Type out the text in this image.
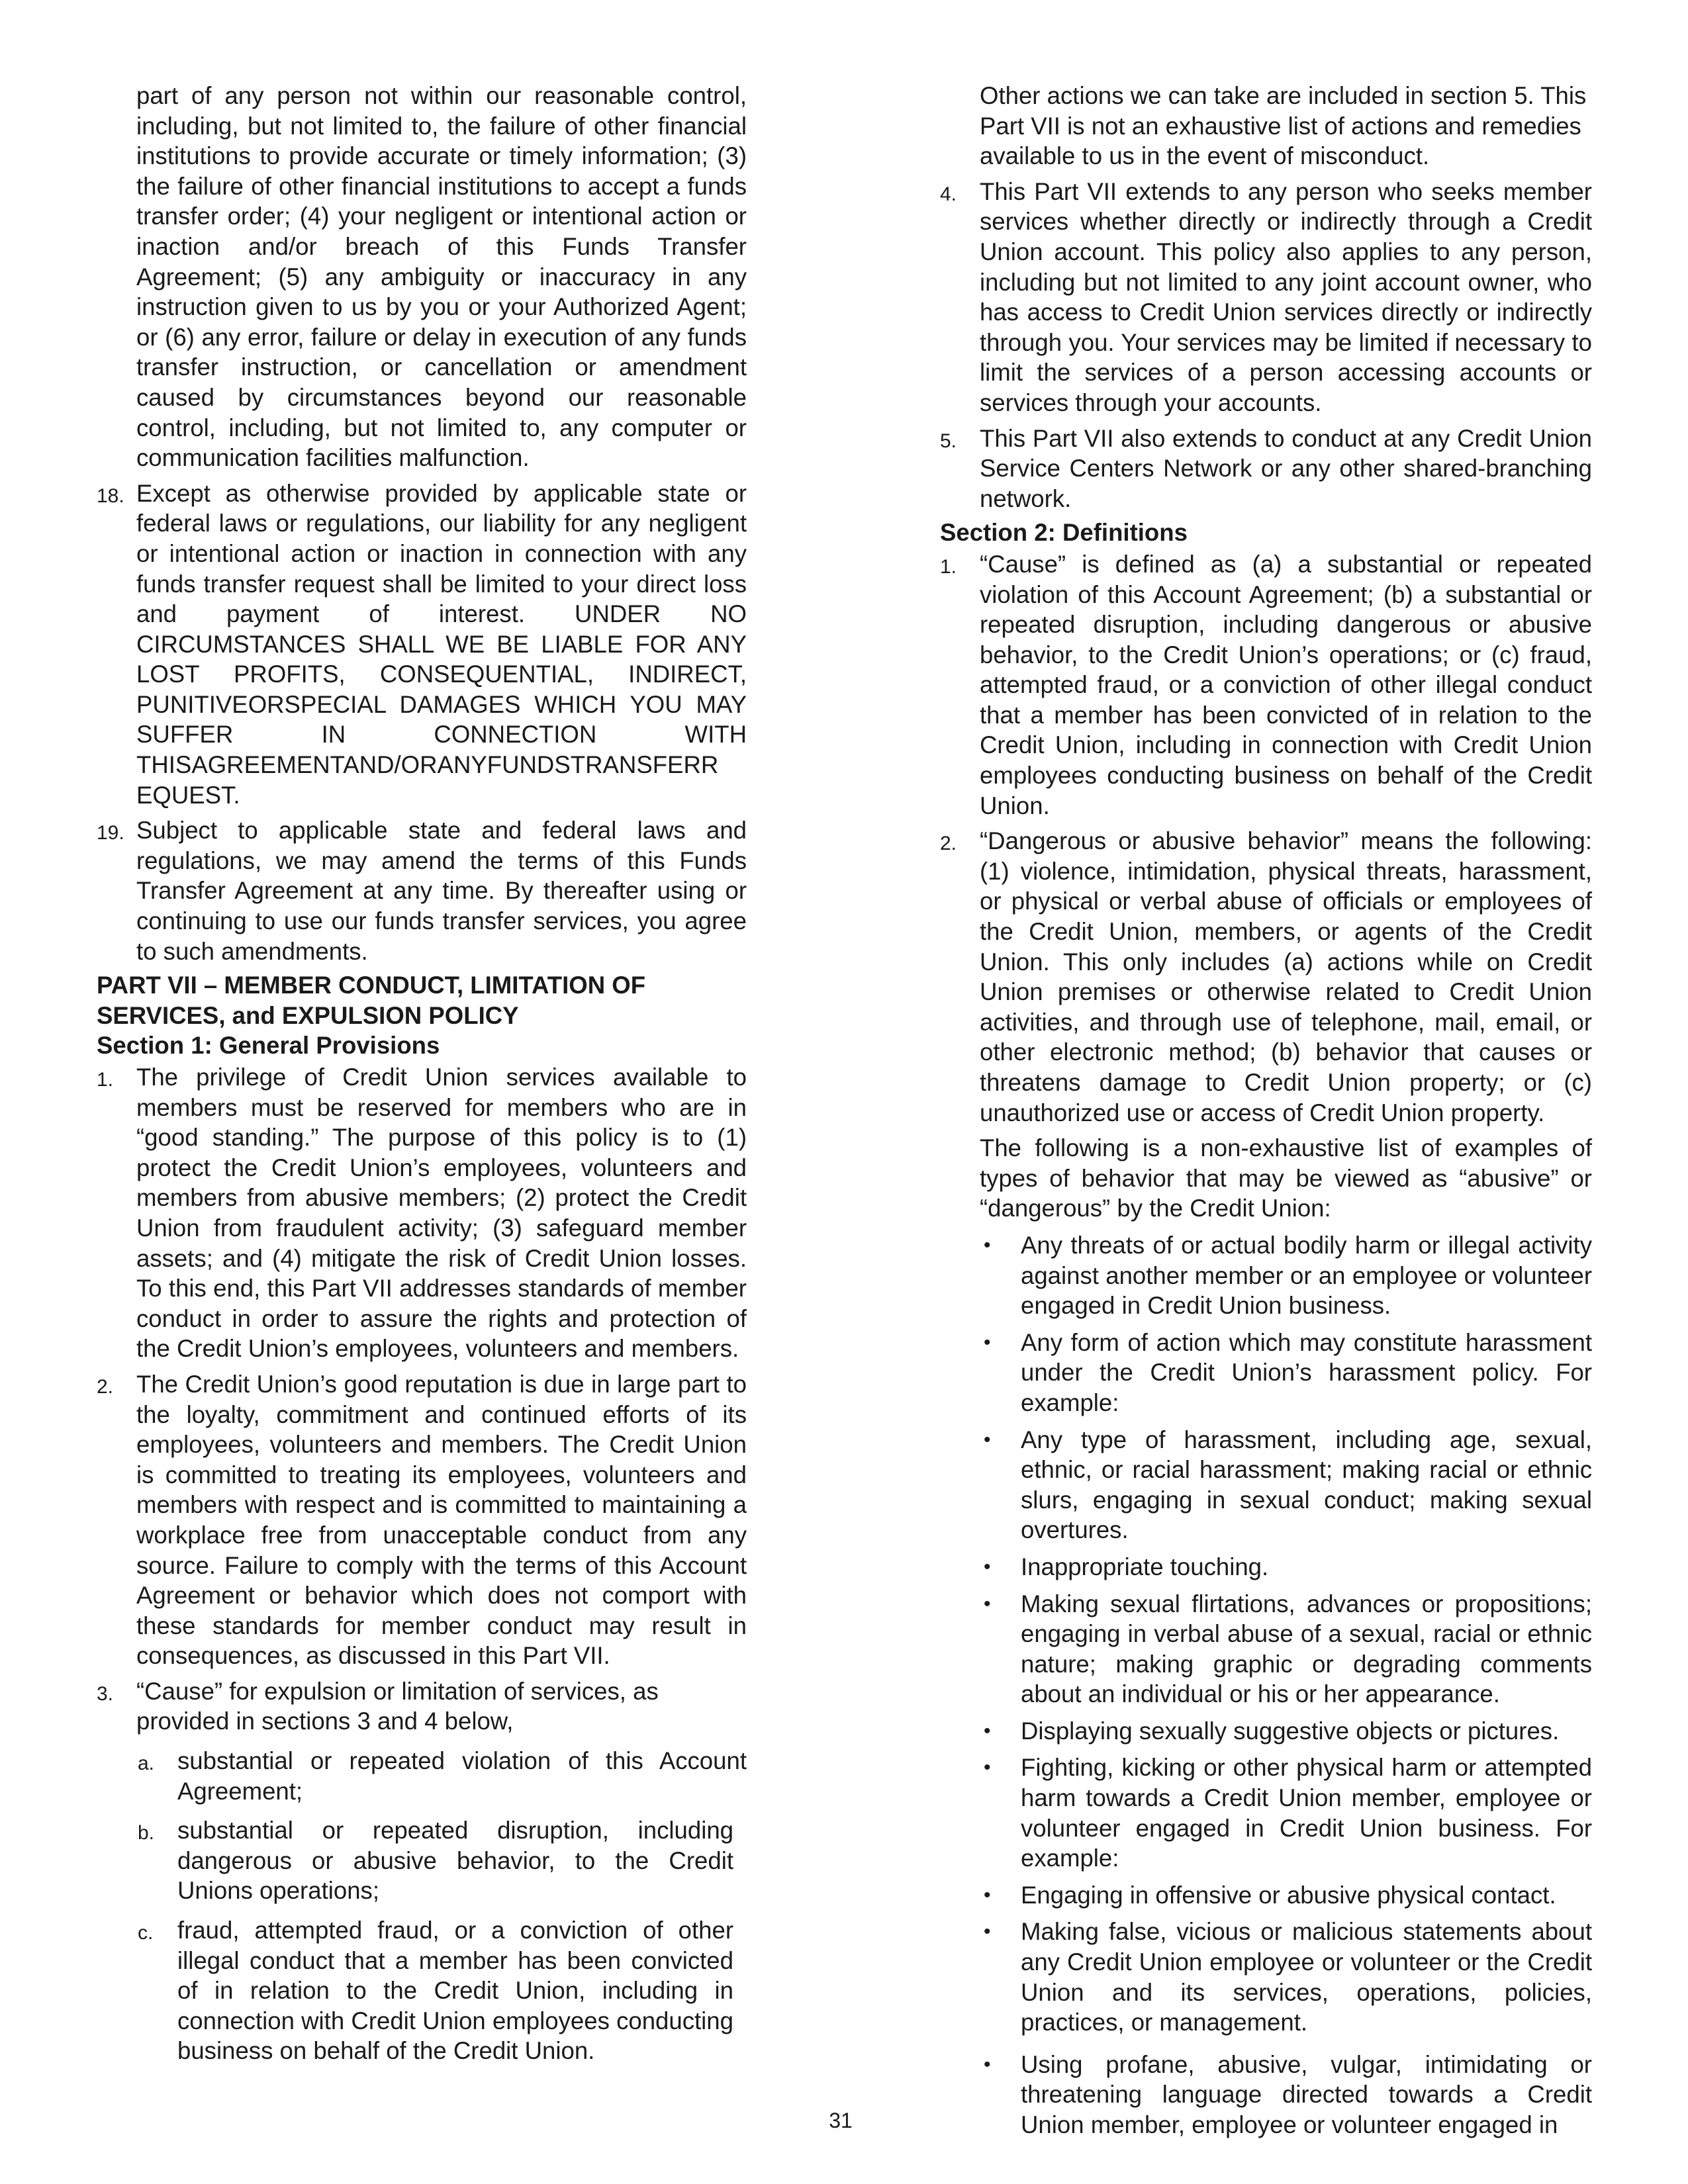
part of any person not within our reasonable control, including, but not limited to, the failure of other financial institutions to provide accurate or timely information; (3) the failure of other financial institutions to accept a funds transfer order; (4) your negligent or intentional action or inaction and/or breach of this Funds Transfer Agreement; (5) any ambiguity or inaccuracy in any instruction given to us by you or your Authorized Agent; or (6) any error, failure or delay in execution of any funds transfer instruction, or cancellation or amendment caused by circumstances beyond our reasonable control, including, but not limited to, any computer or communication facilities malfunction.

18. Except as otherwise provided by applicable state or federal laws or regulations, our liability for any negligent or intentional action or inaction in connection with any funds transfer request shall be limited to your direct loss and payment of interest. UNDER NO CIRCUMSTANCES SHALL WE BE LIABLE FOR ANY LOST PROFITS, CONSEQUENTIAL, INDIRECT, PUNITIVEORSPECIAL DAMAGES WHICH YOU MAY SUFFER IN CONNECTION WITH THISAGREEMENTAND/ORANYFUNDSTRANSFERR EQUEST.

19. Subject to applicable state and federal laws and regulations, we may amend the terms of this Funds Transfer Agreement at any time. By thereafter using or continuing to use our funds transfer services, you agree to such amendments.

PART VII – MEMBER CONDUCT, LIMITATION OF SERVICES, and EXPULSION POLICY

Section 1: General Provisions

1. The privilege of Credit Union services available to members must be reserved for members who are in “good standing.” The purpose of this policy is to (1) protect the Credit Union’s employees, volunteers and members from abusive members; (2) protect the Credit Union from fraudulent activity; (3) safeguard member assets; and (4) mitigate the risk of Credit Union losses. To this end, this Part VII addresses standards of member conduct in order to assure the rights and protection of the Credit Union’s employees, volunteers and members.

2. The Credit Union’s good reputation is due in large part to the loyalty, commitment and continued efforts of its employees, volunteers and members. The Credit Union is committed to treating its employees, volunteers and members with respect and is committed to maintaining a workplace free from unacceptable conduct from any source. Failure to comply with the terms of this Account Agreement or behavior which does not comport with these standards for member conduct may result in consequences, as discussed in this Part VII.

3. “Cause” for expulsion or limitation of services, as provided in sections 3 and 4 below,

a. substantial or repeated violation of this Account Agreement;

b. substantial or repeated disruption, including dangerous or abusive behavior, to the Credit Unions operations;

c. fraud, attempted fraud, or a conviction of other illegal conduct that a member has been convicted of in relation to the Credit Union, including in connection with Credit Union employees conducting business on behalf of the Credit Union.

Other actions we can take are included in section 5. This Part VII is not an exhaustive list of actions and remedies available to us in the event of misconduct.

4. This Part VII extends to any person who seeks member services whether directly or indirectly through a Credit Union account. This policy also applies to any person, including but not limited to any joint account owner, who has access to Credit Union services directly or indirectly through you. Your services may be limited if necessary to limit the services of a person accessing accounts or services through your accounts.

5. This Part VII also extends to conduct at any Credit Union Service Centers Network or any other shared-branching network.

Section 2: Definitions

1. “Cause” is defined as (a) a substantial or repeated violation of this Account Agreement; (b) a substantial or repeated disruption, including dangerous or abusive behavior, to the Credit Union’s operations; or (c) fraud, attempted fraud, or a conviction of other illegal conduct that a member has been convicted of in relation to the Credit Union, including in connection with Credit Union employees conducting business on behalf of the Credit Union.

2. “Dangerous or abusive behavior” means the following: (1) violence, intimidation, physical threats, harassment, or physical or verbal abuse of officials or employees of the Credit Union, members, or agents of the Credit Union. This only includes (a) actions while on Credit Union premises or otherwise related to Credit Union activities, and through use of telephone, mail, email, or other electronic method; (b) behavior that causes or threatens damage to Credit Union property; or (c) unauthorized use or access of Credit Union property.

The following is a non-exhaustive list of examples of types of behavior that may be viewed as “abusive” or “dangerous” by the Credit Union:

• Any threats of or actual bodily harm or illegal activity against another member or an employee or volunteer engaged in Credit Union business.

• Any form of action which may constitute harassment under the Credit Union’s harassment policy. For example:

• Any type of harassment, including age, sexual, ethnic, or racial harassment; making racial or ethnic slurs, engaging in sexual conduct; making sexual overtures.

• Inappropriate touching.

• Making sexual flirtations, advances or propositions; engaging in verbal abuse of a sexual, racial or ethnic nature; making graphic or degrading comments about an individual or his or her appearance.

• Displaying sexually suggestive objects or pictures.

• Fighting, kicking or other physical harm or attempted harm towards a Credit Union member, employee or volunteer engaged in Credit Union business. For example:

• Engaging in offensive or abusive physical contact.

• Making false, vicious or malicious statements about any Credit Union employee or volunteer or the Credit Union and its services, operations, policies, practices, or management.

• Using profane, abusive, vulgar, intimidating or threatening language directed towards a Credit Union member, employee or volunteer engaged in

31
